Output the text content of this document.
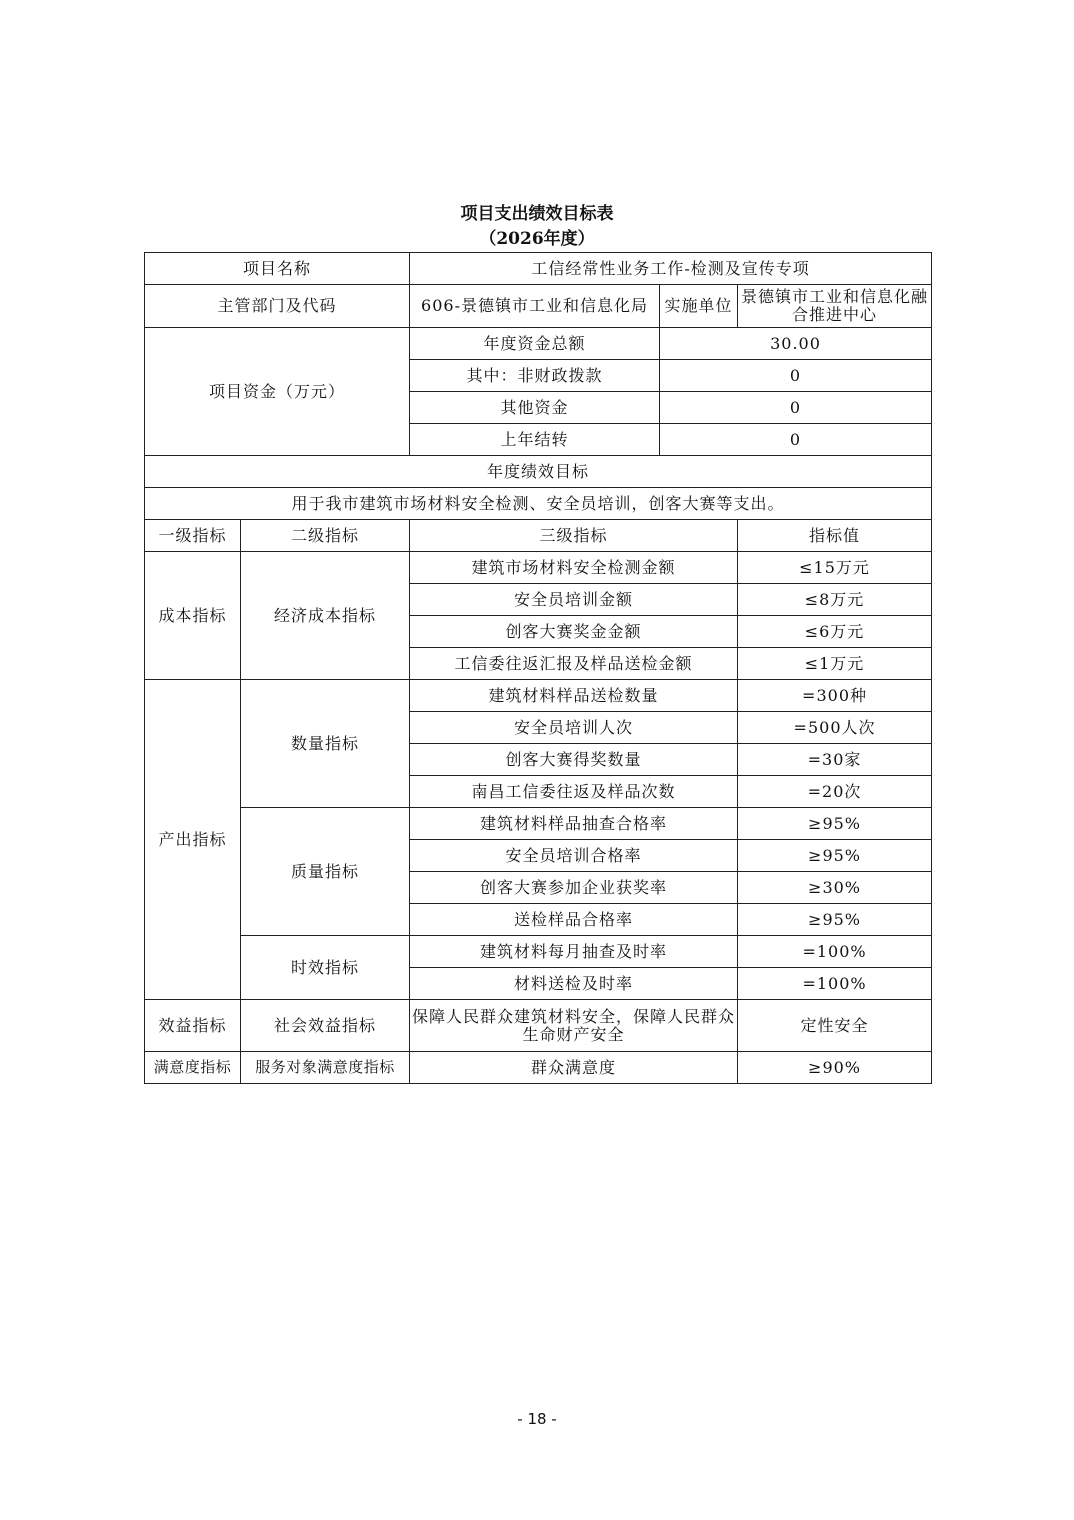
项目支出绩效目标表
（2026年度）
项目名称		工信经常性业务工作-检测及宣传专项		
主管部门及代码		606-景德镇市工业和信息化局	实施单位	景德镇市工业和信息化融合推进中心
项目资金（万元）		年度资金总额	30.00	
		其中：非财政拨款	0	
		其他资金	0	
		上年结转	0	
年度绩效目标				
用于我市建筑市场材料安全检测、安全员培训，创客大赛等支出。				
一级指标	二级指标	三级指标		指标值
成本指标	经济成本指标	建筑市场材料安全检测金额		≤15万元
		安全员培训金额		≤8万元
		创客大赛奖金金额		≤6万元
		工信委往返汇报及样品送检金额		≤1万元
产出指标	数量指标	建筑材料样品送检数量		=300种
		安全员培训人次		=500人次
		创客大赛得奖数量		=30家
		南昌工信委往返及样品次数		=20次
	质量指标	建筑材料样品抽查合格率		≥95%
		安全员培训合格率		≥95%
		创客大赛参加企业获奖率		≥30%
		送检样品合格率		≥95%
	时效指标	建筑材料每月抽查及时率		=100%
		材料送检及时率		=100%
效益指标	社会效益指标	保障人民群众建筑材料安全，保障人民群众生命财产安全		定性安全
满意度指标	服务对象满意度指标	群众满意度		≥90%
- 18 -
